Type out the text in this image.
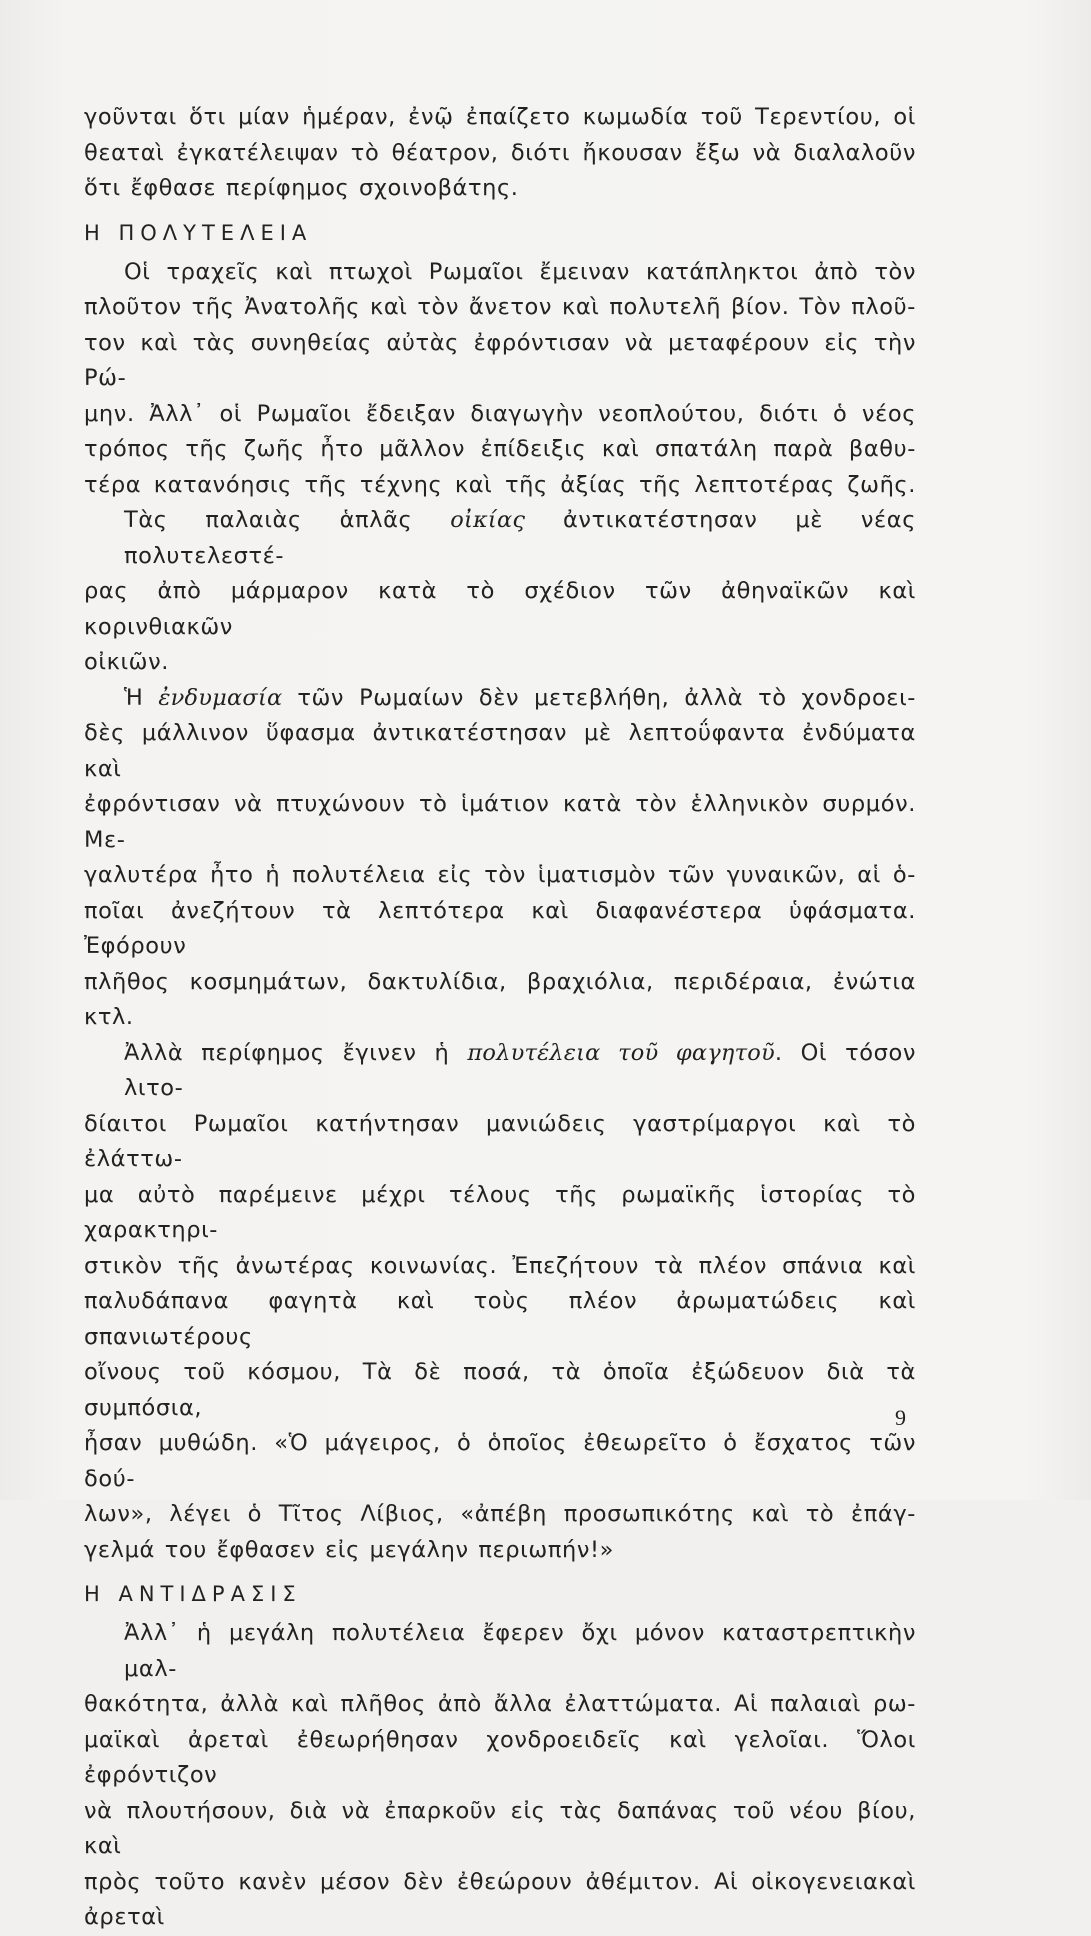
γοῦνται ὅτι μίαν ἡμέραν, ἐνῷ ἐπαίζετο κωμωδία τοῦ Τερεντίου, οἱ
θεαταὶ ἐγκατέλειψαν τὸ θέατρον, διότι ἤκουσαν ἔξω νὰ διαλαλοῦν
ὅτι ἔφθασε περίφημος σχοινοβάτης.

Η ΠΟΛΥΤΕΛΕΙΑ

Οἱ τραχεῖς καὶ πτωχοὶ Ρωμαῖοι ἔμειναν κατάπληκτοι ἀπὸ τὸν
πλοῦτον τῆς Ἀνατολῆς καὶ τὸν ἄνετον καὶ πολυτελῆ βίον. Τὸν πλοῦ-
τον καὶ τὰς συνηθείας αὐτὰς ἐφρόντισαν νὰ μεταφέρουν εἰς τὴν Ρώ-
μην. Ἀλλ᾽ οἱ Ρωμαῖοι ἔδειξαν διαγωγὴν νεοπλούτου, διότι ὁ νέος
τρόπος τῆς ζωῆς ἦτο μᾶλλον ἐπίδειξις καὶ σπατάλη παρὰ βαθυ-
τέρα κατανόησις τῆς τέχνης καὶ τῆς ἀξίας τῆς λεπτοτέρας ζωῆς.

Τὰς παλαιὰς ἁπλᾶς οἰκίας ἀντικατέστησαν μὲ νέας πολυτελεστέ-
ρας ἀπὸ μάρμαρον κατὰ τὸ σχέδιον τῶν ἀθηναϊκῶν καὶ κορινθιακῶν
οἰκιῶν.

Ἡ ἐνδυμασία τῶν Ρωμαίων δὲν μετεβλήθη, ἀλλὰ τὸ χονδροει-
δὲς μάλλινον ὕφασμα ἀντικατέστησαν μὲ λεπτοΰφαντα ἐνδύματα καὶ
ἐφρόντισαν νὰ πτυχώνουν τὸ ἱμάτιον κατὰ τὸν ἑλληνικὸν συρμόν. Με-
γαλυτέρα ἦτο ἡ πολυτέλεια εἰς τὸν ἱματισμὸν τῶν γυναικῶν, αἱ ὁ-
ποῖαι ἀνεζήτουν τὰ λεπτότερα καὶ διαφανέστερα ὑφάσματα. Ἐφόρουν
πλῆθος κοσμημάτων, δακτυλίδια, βραχιόλια, περιδέραια, ἐνώτια κτλ.

Ἀλλὰ περίφημος ἔγινεν ἡ πολυτέλεια τοῦ φαγητοῦ. Οἱ τόσον λιτο-
δίαιτοι Ρωμαῖοι κατήντησαν μανιώδεις γαστρίμαργοι καὶ τὸ ἐλάττω-
μα αὐτὸ παρέμεινε μέχρι τέλους τῆς ρωμαϊκῆς ἱστορίας τὸ χαρακτηρι-
στικὸν τῆς ἀνωτέρας κοινωνίας. Ἐπεζήτουν τὰ πλέον σπάνια καὶ
παλυδάπανα φαγητὰ καὶ τοὺς πλέον ἀρωματώδεις καὶ σπανιωτέρους
οἴνους τοῦ κόσμου, Τὰ δὲ ποσά, τὰ ὁποῖα ἐξώδευον διὰ τὰ συμπόσια,
ἦσαν μυθώδη. «Ὁ μάγειρος, ὁ ὁποῖος ἐθεωρεῖτο ὁ ἔσχατος τῶν δού-
λων», λέγει ὁ Τῖτος Λίβιος, «ἀπέβη προσωπικότης καὶ τὸ ἐπάγ-
γελμά του ἔφθασεν εἰς μεγάλην περιωπήν!»

Η ΑΝΤΙΔΡΑΣΙΣ

Ἀλλ᾽ ἡ μεγάλη πολυτέλεια ἔφερεν ὄχι μόνον καταστρεπτικὴν μαλ-
θακότητα, ἀλλὰ καὶ πλῆθος ἀπὸ ἄλλα ἐλαττώματα. Αἱ παλαιαὶ ρω-
μαϊκαὶ ἀρεταὶ ἐθεωρήθησαν χονδροειδεῖς καὶ γελοῖαι. Ὅλοι ἐφρόντιζον
νὰ πλουτήσουν, διὰ νὰ ἐπαρκοῦν εἰς τὰς δαπάνας τοῦ νέου βίου, καὶ
πρὸς τοῦτο κανὲν μέσον δὲν ἐθεώρουν ἀθέμιτον. Αἱ οἰκογενειακαὶ ἀρεταὶ

9
